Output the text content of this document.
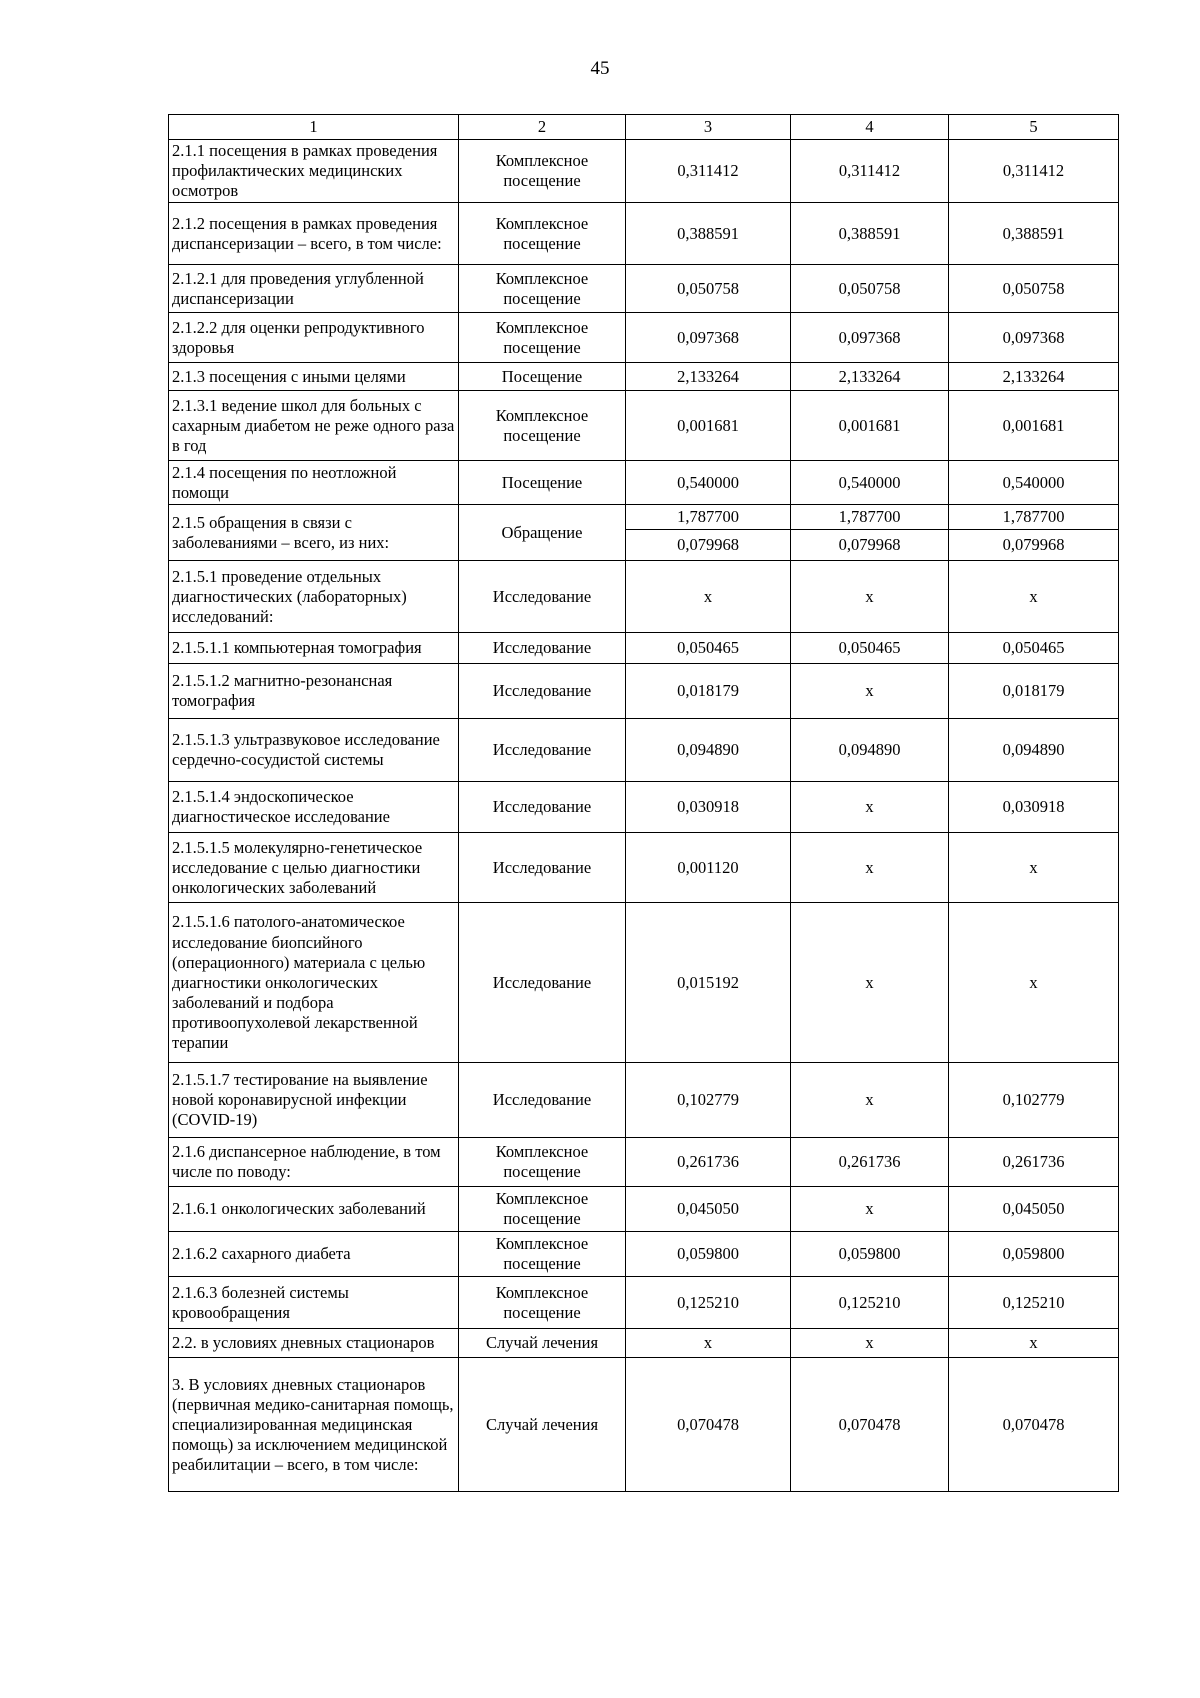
45
1	2	3	4	5
2.1.1 посещения в рамках проведения профилактических медицинских осмотров	Комплексное посещение	0,311412	0,311412	0,311412
2.1.2 посещения в рамках проведения диспансеризации – всего, в том числе:	Комплексное посещение	0,388591	0,388591	0,388591
2.1.2.1 для проведения углубленной диспансеризации	Комплексное посещение	0,050758	0,050758	0,050758
2.1.2.2 для оценки репродуктивного здоровья	Комплексное посещение	0,097368	0,097368	0,097368
2.1.3 посещения с иными целями	Посещение	2,133264	2,133264	2,133264
2.1.3.1 ведение школ для больных с сахарным диабетом не реже одного раза в год	Комплексное посещение	0,001681	0,001681	0,001681
2.1.4 посещения по неотложной помощи	Посещение	0,540000	0,540000	0,540000
2.1.5 обращения в связи с заболеваниями – всего, из них:	Обращение	1,787700	1,787700	1,787700
		0,079968	0,079968	0,079968
2.1.5.1 проведение отдельных диагностических (лабораторных) исследований:	Исследование	х	х	х
2.1.5.1.1 компьютерная томография	Исследование	0,050465	0,050465	0,050465
2.1.5.1.2 магнитно-резонансная томография	Исследование	0,018179	х	0,018179
2.1.5.1.3 ультразвуковое исследование сердечно-сосудистой системы	Исследование	0,094890	0,094890	0,094890
2.1.5.1.4 эндоскопическое диагностическое исследование	Исследование	0,030918	х	0,030918
2.1.5.1.5 молекулярно-генетическое исследование с целью диагностики онкологических заболеваний	Исследование	0,001120	х	х
2.1.5.1.6 патолого-анатомическое исследование биопсийного (операционного) материала с целью диагностики онкологических заболеваний и подбора противоопухолевой лекарственной терапии	Исследование	0,015192	х	х
2.1.5.1.7 тестирование на выявление новой коронавирусной инфекции (COVID-19)	Исследование	0,102779	х	0,102779
2.1.6 диспансерное наблюдение, в том числе по поводу:	Комплексное посещение	0,261736	0,261736	0,261736
2.1.6.1 онкологических заболеваний	Комплексное посещение	0,045050	х	0,045050
2.1.6.2 сахарного диабета	Комплексное посещение	0,059800	0,059800	0,059800
2.1.6.3 болезней системы кровообращения	Комплексное посещение	0,125210	0,125210	0,125210
2.2. в условиях дневных стационаров	Случай лечения	х	х	х
3. В условиях дневных стационаров (первичная медико-санитарная помощь, специализированная медицинская помощь) за исключением медицинской реабилитации – всего, в том числе:	Случай лечения	0,070478	0,070478	0,070478
